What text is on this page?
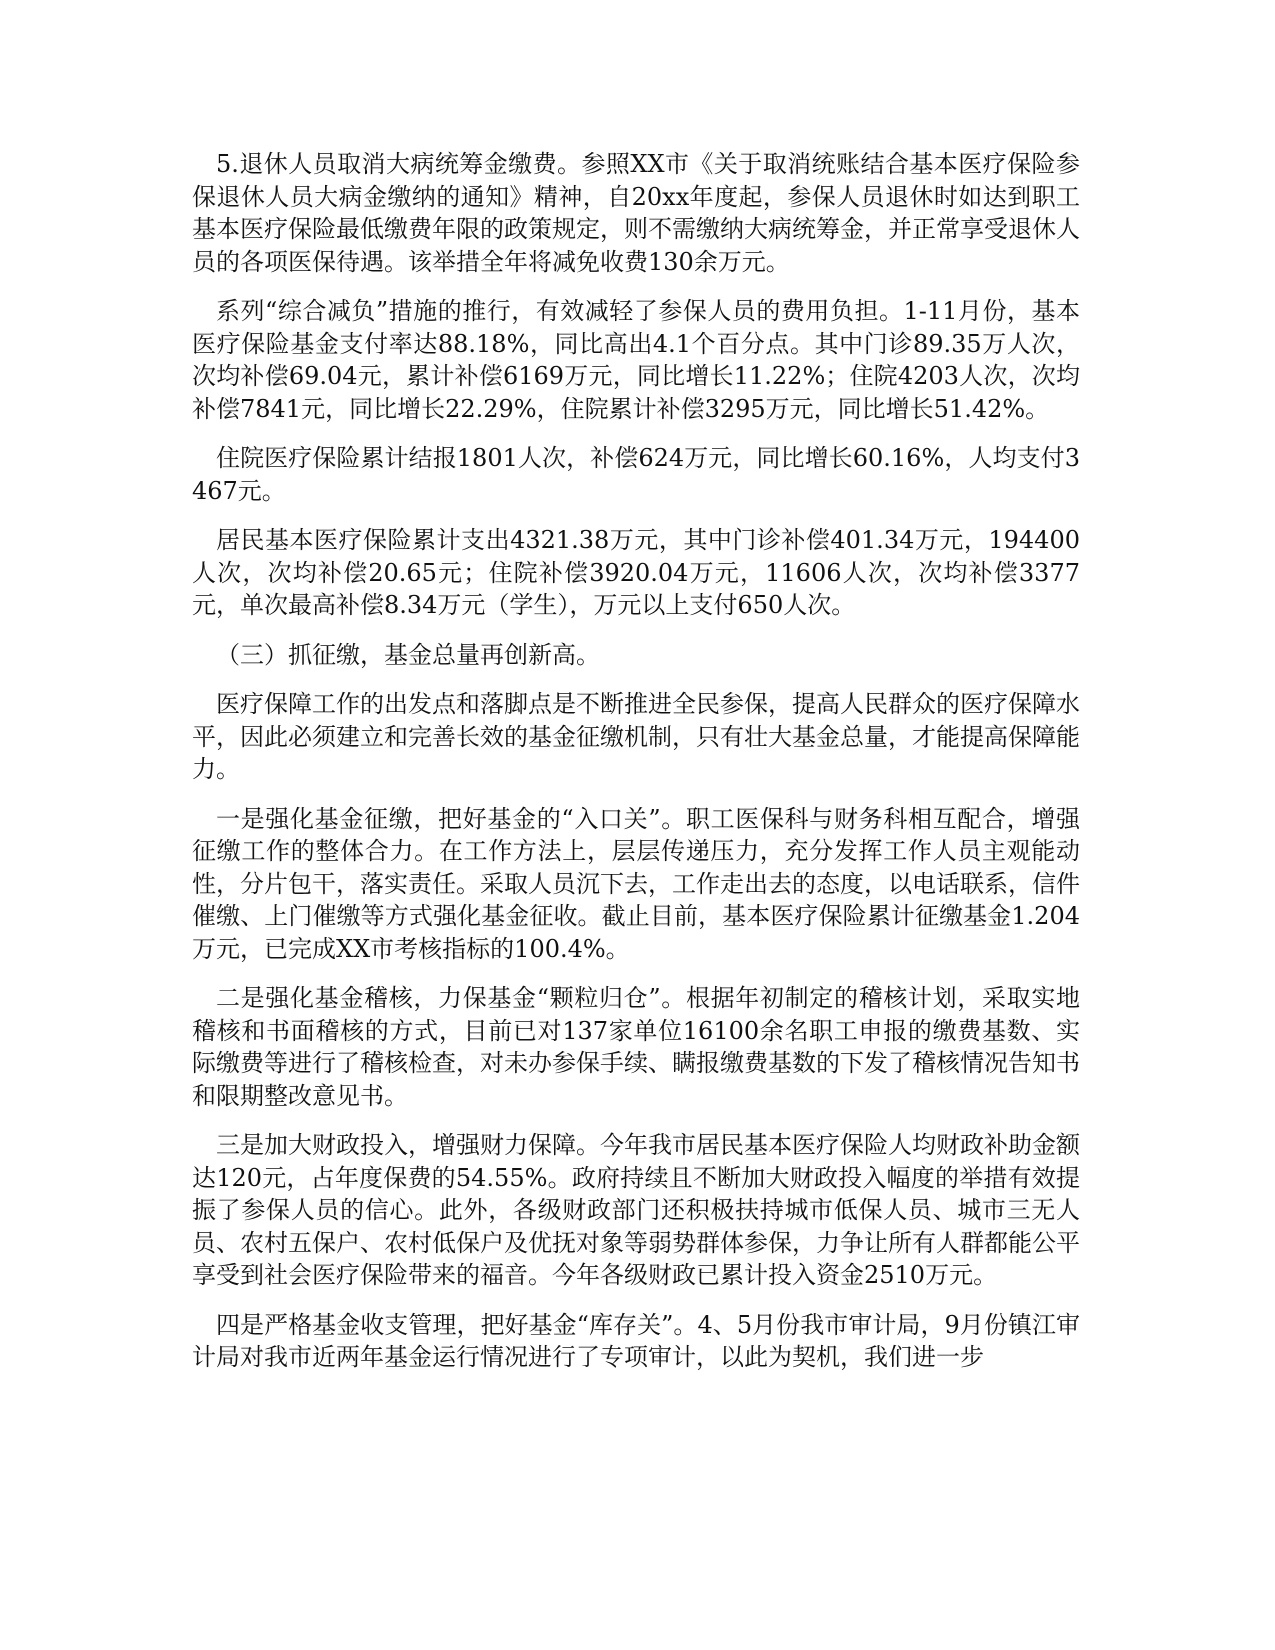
5.退休人员取消大病统筹金缴费。参照XX市《关于取消统账结合基本医疗保险参保退休人员大病金缴纳的通知》精神，自20xx年度起，参保人员退休时如达到职工基本医疗保险最低缴费年限的政策规定，则不需缴纳大病统筹金，并正常享受退休人员的各项医保待遇。该举措全年将减免收费130余万元。

系列“综合减负”措施的推行，有效减轻了参保人员的费用负担。1-11月份，基本医疗保险基金支付率达88.18%，同比高出4.1个百分点。其中门诊89.35万人次，次均补偿69.04元，累计补偿6169万元，同比增长11.22%；住院4203人次，次均补偿7841元，同比增长22.29%，住院累计补偿3295万元，同比增长51.42%。

住院医疗保险累计结报1801人次，补偿624万元，同比增长60.16%，人均支付3467元。

居民基本医疗保险累计支出4321.38万元，其中门诊补偿401.34万元，194400人次，次均补偿20.65元；住院补偿3920.04万元，11606人次，次均补偿3377元，单次最高补偿8.34万元（学生），万元以上支付650人次。

（三）抓征缴，基金总量再创新高。

医疗保障工作的出发点和落脚点是不断推进全民参保，提高人民群众的医疗保障水平，因此必须建立和完善长效的基金征缴机制，只有壮大基金总量，才能提高保障能力。

一是强化基金征缴，把好基金的“入口关”。职工医保科与财务科相互配合，增强征缴工作的整体合力。在工作方法上，层层传递压力，充分发挥工作人员主观能动性，分片包干，落实责任。采取人员沉下去，工作走出去的态度，以电话联系，信件催缴、上门催缴等方式强化基金征收。截止目前，基本医疗保险累计征缴基金1.204万元，已完成XX市考核指标的100.4%。

二是强化基金稽核，力保基金“颗粒归仓”。根据年初制定的稽核计划，采取实地稽核和书面稽核的方式，目前已对137家单位16100余名职工申报的缴费基数、实际缴费等进行了稽核检查，对未办参保手续、瞒报缴费基数的下发了稽核情况告知书和限期整改意见书。

三是加大财政投入，增强财力保障。今年我市居民基本医疗保险人均财政补助金额达120元，占年度保费的54.55%。政府持续且不断加大财政投入幅度的举措有效提振了参保人员的信心。此外，各级财政部门还积极扶持城市低保人员、城市三无人员、农村五保户、农村低保户及优抚对象等弱势群体参保，力争让所有人群都能公平享受到社会医疗保险带来的福音。今年各级财政已累计投入资金2510万元。

四是严格基金收支管理，把好基金“库存关”。4、5月份我市审计局，9月份镇江审计局对我市近两年基金运行情况进行了专项审计，以此为契机，我们进一步
